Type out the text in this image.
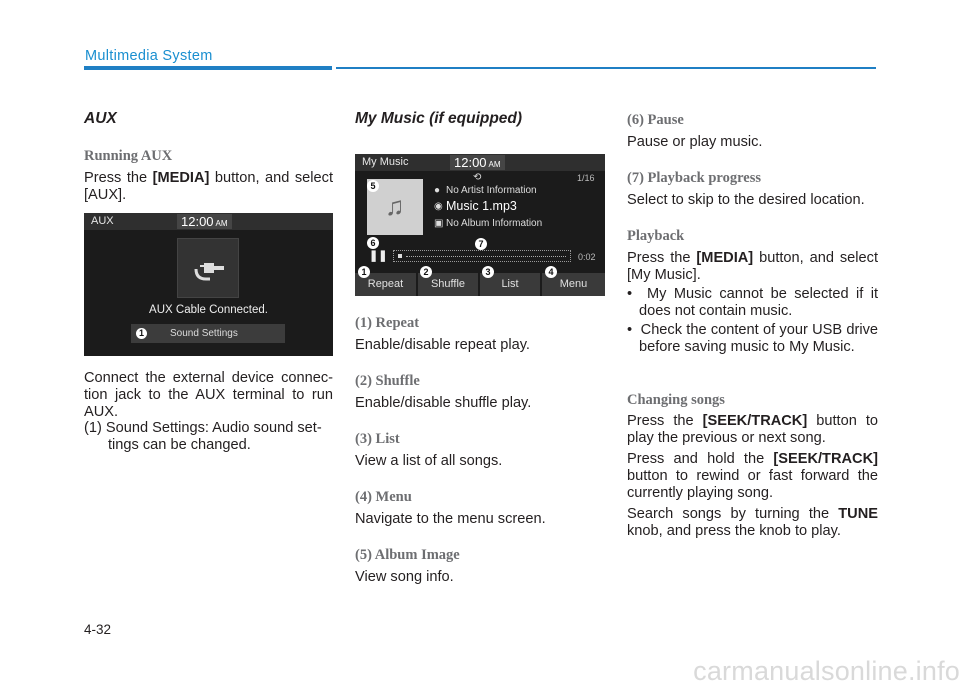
Multimedia System
AUX
Running AUX
Press the [MEDIA] button, and select [AUX].
AUX	12:00 AM
AUX Cable Connected.
1	Sound Settings
Connect the external device connec-tion jack to the AUX terminal to run AUX.
(1) Sound Settings: Audio sound set-tings can be changed.
My Music (if equipped)
My Music	12:00 AM
⟲	1/16
♫
● No Artist Information
◉ Music 1.mp3
▣ No Album Information
❚❚	0:02
Repeat	Shuffle	List	Menu
5
6	7
1	2	3	4
(1) Repeat
Enable/disable repeat play.
(2) Shuffle
Enable/disable shuffle play.
(3) List
View a list of all songs.
(4) Menu
Navigate to the menu screen.
(5) Album Image
View song info.
(6) Pause
Pause or play music.
(7) Playback progress
Select to skip to the desired location.
Playback
Press the [MEDIA] button, and select [My Music].
•  My Music cannot be selected if it does not contain music.
•  Check the content of your USB drive before saving music to My Music.
Changing songs
Press the [SEEK/TRACK] button to play the previous or next song.
Press and hold the [SEEK/TRACK] button to rewind or fast forward the currently playing song.
Search songs by turning the TUNE knob, and press the knob to play.
4-32
carmanualsonline.info
